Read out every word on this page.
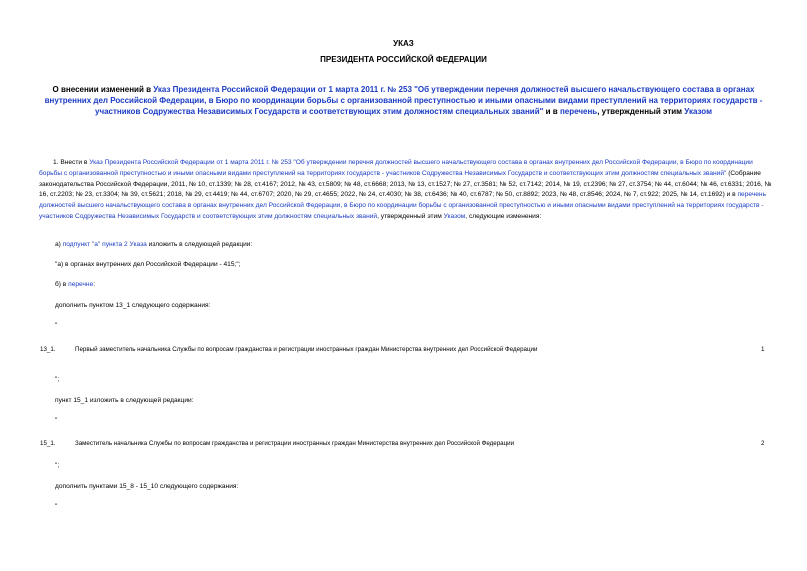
УКАЗ
ПРЕЗИДЕНТА РОССИЙСКОЙ ФЕДЕРАЦИИ
О внесении изменений в Указ Президента Российской Федерации от 1 марта 2011 г. № 253 "Об утверждении перечня должностей высшего начальствующего состава в органах внутренних дел Российской Федерации, в Бюро по координации борьбы с организованной преступностью и иными опасными видами преступлений на территориях государств - участников Содружества Независимых Государств и соответствующих этим должностям специальных званий" и в перечень, утвержденный этим Указом
1. Внести в Указ Президента Российской Федерации от 1 марта 2011 г. № 253 "Об утверждении перечня должностей высшего начальствующего состава в органах внутренних дел Российской Федерации, в Бюро по координации борьбы с организованной преступностью и иными опасными видами преступлений на территориях государств - участников Содружества Независимых Государств и соответствующих этим должностям специальных званий" (Собрание законодательства Российской Федерации, 2011, № 10, ст.1339; № 28, ст.4167; 2012, № 43, ст.5809; № 48, ст.6668; 2013, № 13, ст.1527; № 27, ст.3581; № 52, ст.7142; 2014, № 19, ст.2396; № 27, ст.3754; № 44, ст.6044; № 46, ст.6331; 2016, № 16, ст.2203; № 23, ст.3304; № 39, ст.5621; 2018, № 29, ст.4419; № 44, ст.6707; 2020, № 29, ст.4655; 2022, № 24, ст.4030; № 38, ст.6436; № 40, ст.6787; № 50, ст.8892; 2023, № 48, ст.8546; 2024, № 7, ст.922; 2025, № 14, ст.1692) и в перечень должностей высшего начальствующего состава в органах внутренних дел Российской Федерации, в Бюро по координации борьбы с организованной преступностью и иными опасными видами преступлений на территориях государств - участников Содружества Независимых Государств и соответствующих этим должностям специальных званий, утвержденный этим Указом, следующие изменения:
а) подпункт "а" пункта 2 Указа изложить в следующей редакции:
"а) в органах внутренних дел Российской Федерации - 415;";
б) в перечне:
дополнить пунктом 13_1 следующего содержания:
"
13_1.	Первый заместитель начальника Службы по вопросам гражданства и регистрации иностранных граждан Министерства внутренних дел Российской Федерации	1
";
пункт 15_1 изложить в следующей редакции:
"
15_1.	Заместитель начальника Службы по вопросам гражданства и регистрации иностранных граждан Министерства внутренних дел Российской Федерации	2
";
дополнить пунктами 15_8 - 15_10 следующего содержания:
"
